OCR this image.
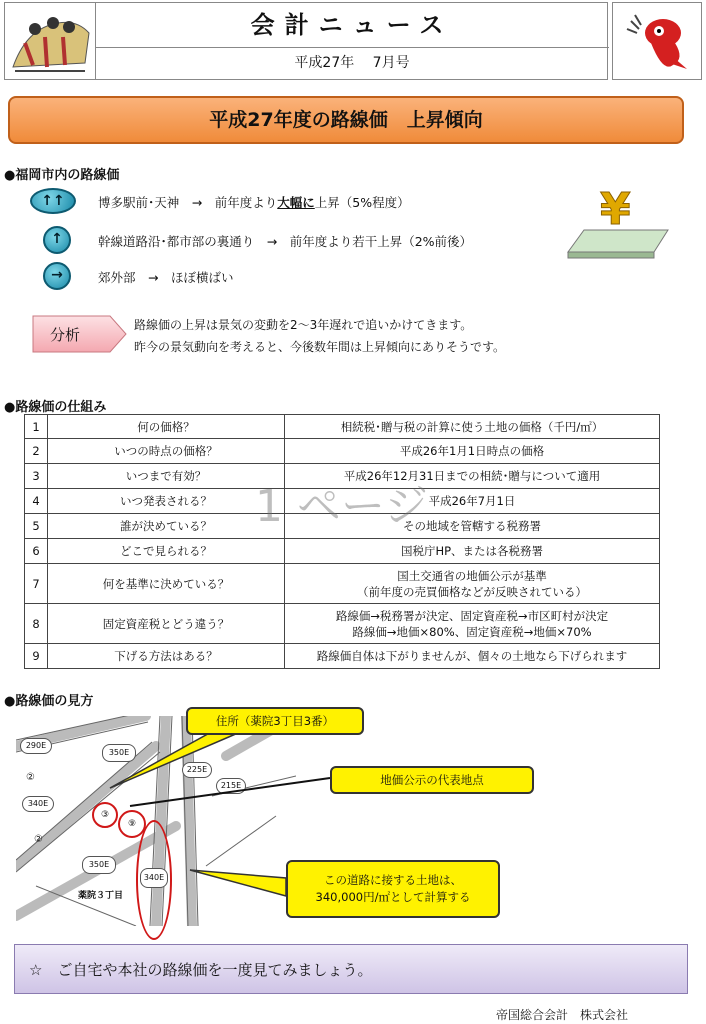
会計ニュース
平成27年　 7月号
平成27年度の路線価　上昇傾向
●福岡市内の路線価
↑↑	博多駅前･天神　→　前年度より大幅に上昇（5%程度）
↑	幹線道路沿･都市部の裏通り　→　前年度より若干上昇（2%前後）
→	郊外部　→　ほぼ横ばい
¥
分析
路線価の上昇は景気の変動を2～3年遅れで追いかけてきます。
昨今の景気動向を考えると、今後数年間は上昇傾向にありそうです。
●路線価の仕組み
1	何の価格？	相続税･贈与税の計算に使う土地の価格（千円/㎡）
2	いつの時点の価格？	平成26年1月1日時点の価格
3	いつまで有効？	平成26年12月31日までの相続･贈与について適用
4	いつ発表される？	平成26年7月1日
5	誰が決めている？	その地域を管轄する税務署
6	どこで見られる？	国税庁HP、または各税務署
7	何を基準に決めている？	国土交通省の地価公示が基準
（前年度の売買価格などが反映されている）

8	固定資産税とどう違う？	路線価→税務署が決定、固定資産税→市区町村が決定
路線価→地価×80%、固定資産税→地価×70%

9	下げる方法はある？	路線価自体は下がりませんが、個々の土地なら下げられます
1 ページ
●路線価の見方
290E
350E
340E
225E
215E
350E
340E
②
②
③
⑨
薬院３丁目
住所（薬院3丁目3番）
地価公示の代表地点
この道路に接する土地は、
340,000円/㎡として計算する
☆　ご自宅や本社の路線価を一度見てみましょう。
帝国総合会計　株式会社
